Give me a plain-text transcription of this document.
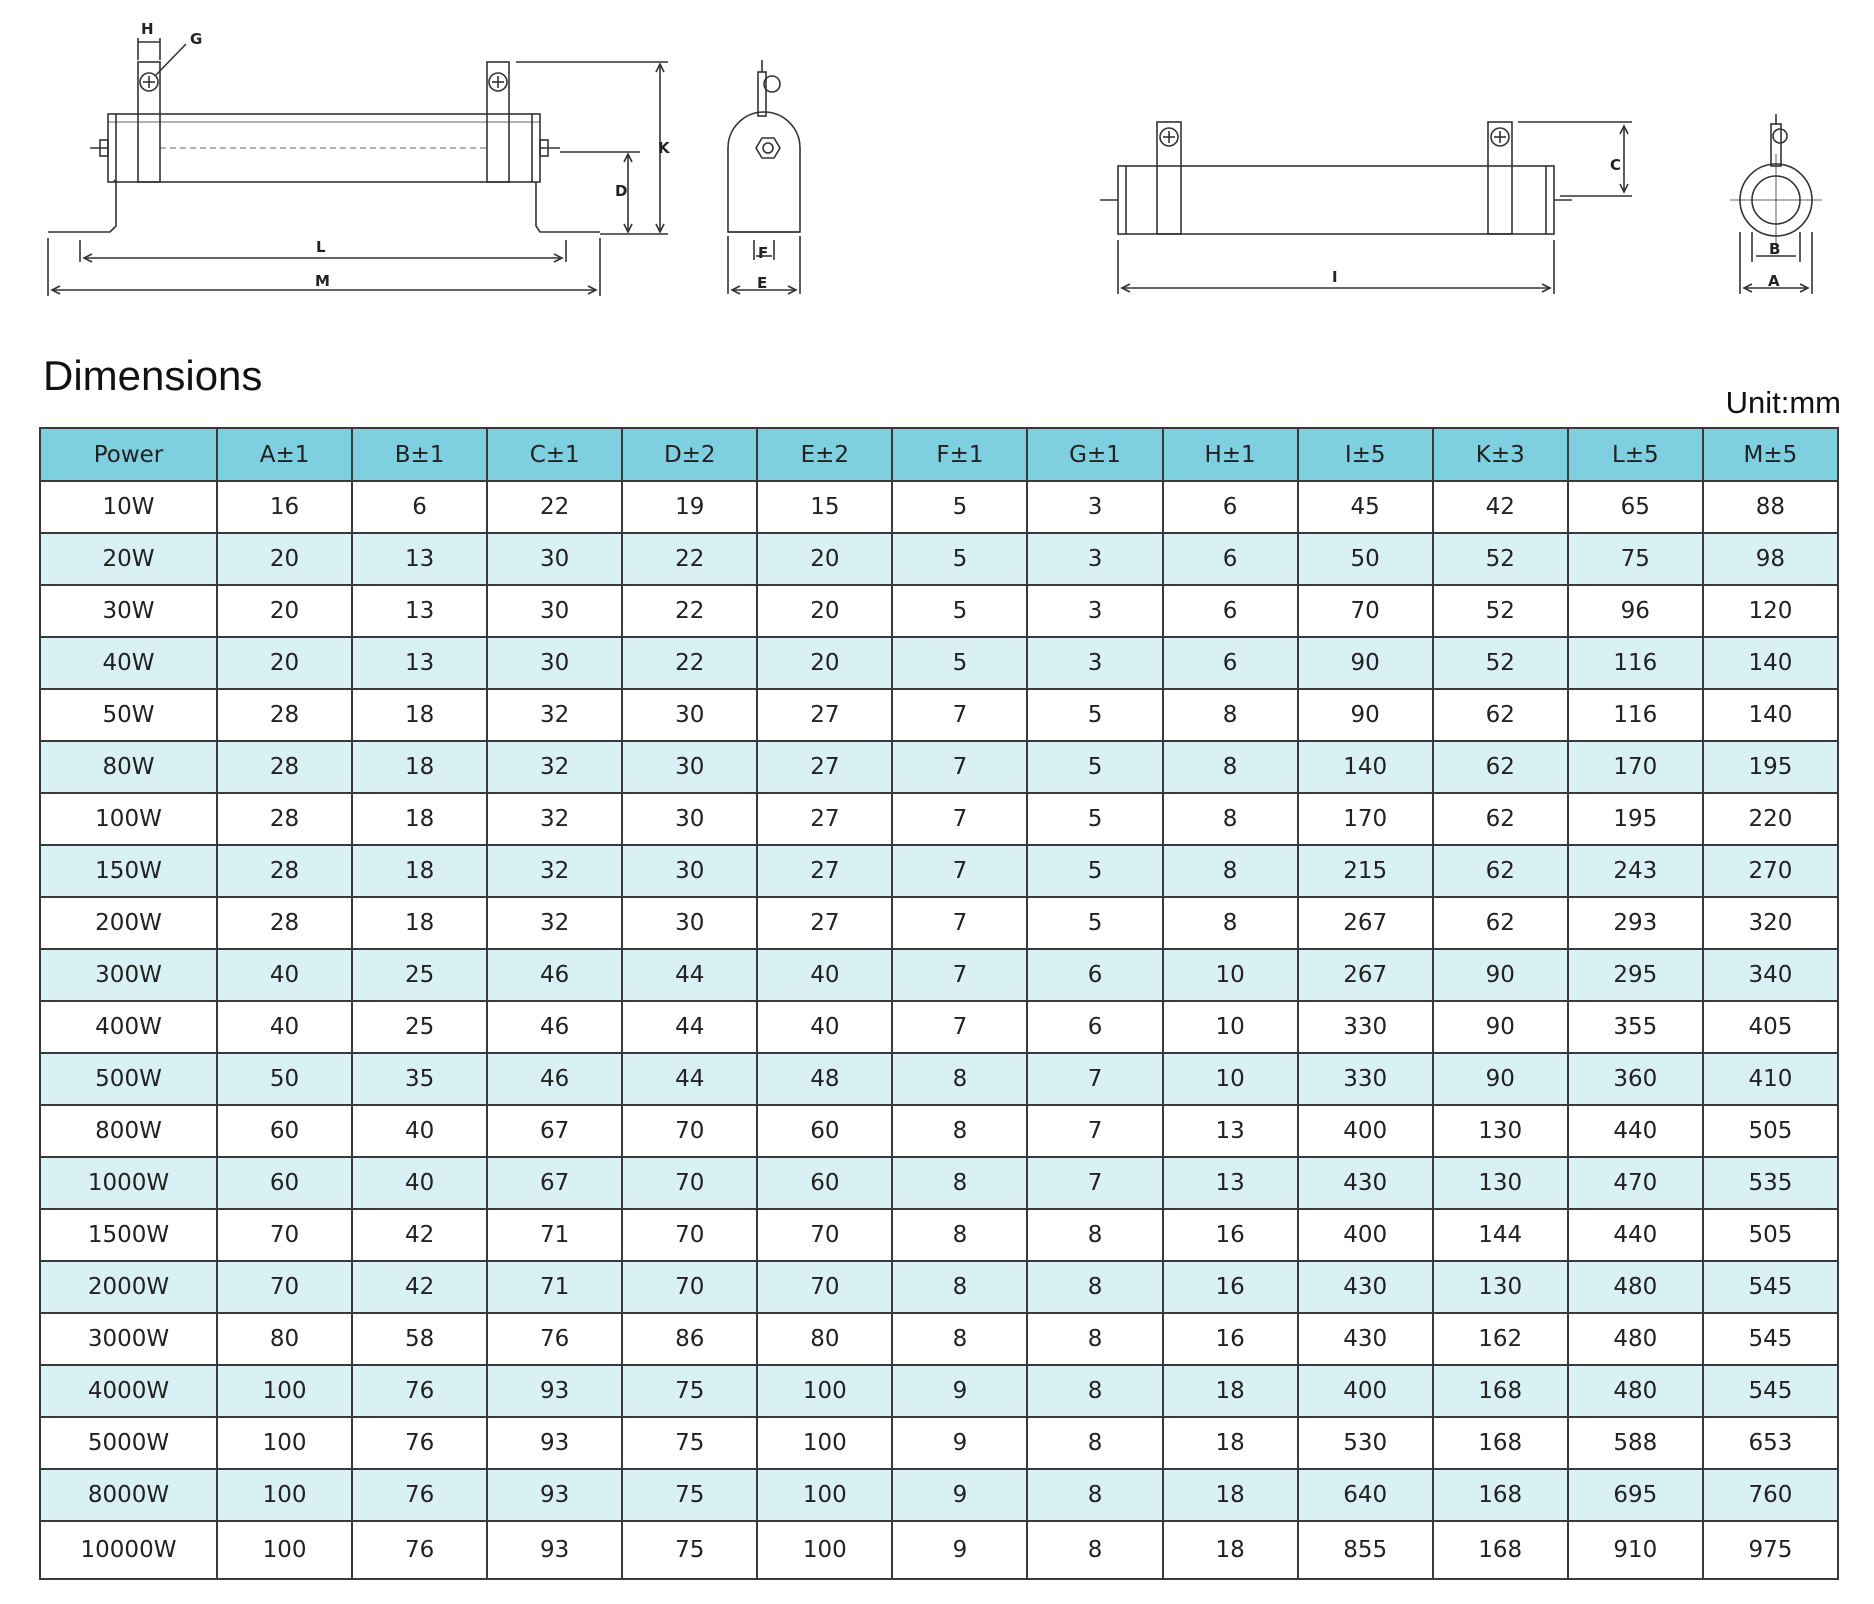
H
G
K
D
L
M
F
E
C
I
B
A
Dimensions
Unit:mm
Power	A±1	B±1	C±1	D±2	E±2	F±1	G±1	H±1	I±5	K±3	L±5	M±5
10W	16	6	22	19	15	5	3	6	45	42	65	88
20W	20	13	30	22	20	5	3	6	50	52	75	98
30W	20	13	30	22	20	5	3	6	70	52	96	120
40W	20	13	30	22	20	5	3	6	90	52	116	140
50W	28	18	32	30	27	7	5	8	90	62	116	140
80W	28	18	32	30	27	7	5	8	140	62	170	195
100W	28	18	32	30	27	7	5	8	170	62	195	220
150W	28	18	32	30	27	7	5	8	215	62	243	270
200W	28	18	32	30	27	7	5	8	267	62	293	320
300W	40	25	46	44	40	7	6	10	267	90	295	340
400W	40	25	46	44	40	7	6	10	330	90	355	405
500W	50	35	46	44	48	8	7	10	330	90	360	410
800W	60	40	67	70	60	8	7	13	400	130	440	505
1000W	60	40	67	70	60	8	7	13	430	130	470	535
1500W	70	42	71	70	70	8	8	16	400	144	440	505
2000W	70	42	71	70	70	8	8	16	430	130	480	545
3000W	80	58	76	86	80	8	8	16	430	162	480	545
4000W	100	76	93	75	100	9	8	18	400	168	480	545
5000W	100	76	93	75	100	9	8	18	530	168	588	653
8000W	100	76	93	75	100	9	8	18	640	168	695	760
10000W	100	76	93	75	100	9	8	18	855	168	910	975
